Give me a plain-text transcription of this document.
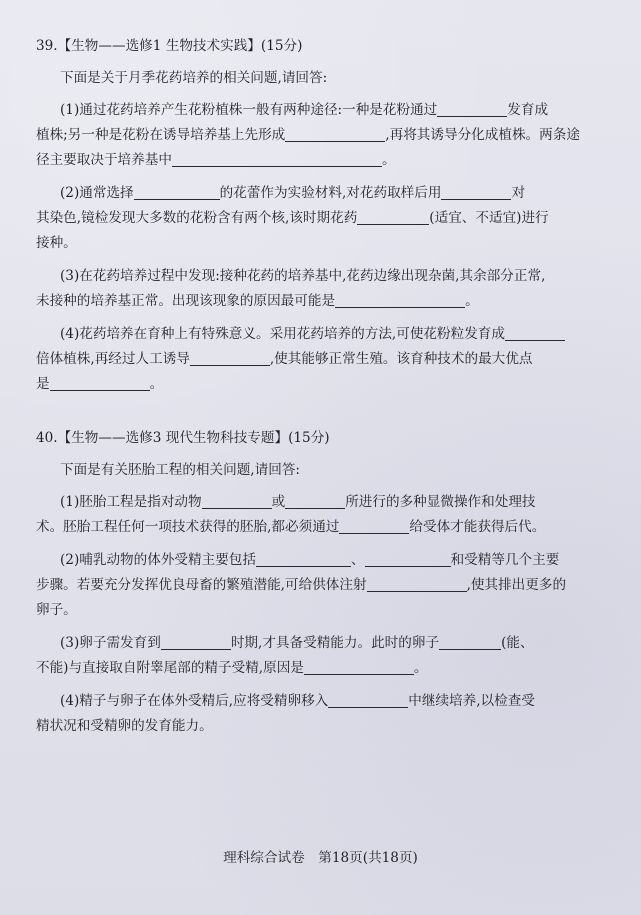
39.【生物——选修1 生物技术实践】(15分)
下面是关于月季花药培养的相关问题,请回答:
(1)通过花药培养产生花粉植株一般有两种途径:一种是花粉通过	发育成
植株;另一种是花粉在诱导培养基上先形成	,再将其诱导分化成植株。两条途
径主要取决于培养基中	。
(2)通常选择	的花蕾作为实验材料,对花药取样后用	对
其染色,镜检发现大多数的花粉含有两个核,该时期花药	(适宜、不适宜)进行
接种。
(3)在花药培养过程中发现:接种花药的培养基中,花药边缘出现杂菌,其余部分正常,
未接种的培养基正常。出现该现象的原因最可能是	。
(4)花药培养在育种上有特殊意义。采用花药培养的方法,可使花粉粒发育成
倍体植株,再经过人工诱导	,使其能够正常生殖。该育种技术的最大优点
是	。
40.【生物——选修3 现代生物科技专题】(15分)
下面是有关胚胎工程的相关问题,请回答:
(1)胚胎工程是指对动物	或	所进行的多种显微操作和处理技
术。胚胎工程任何一项技术获得的胚胎,都必须通过	给受体才能获得后代。
(2)哺乳动物的体外受精主要包括	、	和受精等几个主要
步骤。若要充分发挥优良母畜的繁殖潜能,可给供体注射	,使其排出更多的
卵子。
(3)卵子需发育到	时期,才具备受精能力。此时的卵子	(能、
不能)与直接取自附睾尾部的精子受精,原因是	。
(4)精子与卵子在体外受精后,应将受精卵移入	中继续培养,以检查受
精状况和受精卵的发育能力。
理科综合试卷　第18页(共18页)
